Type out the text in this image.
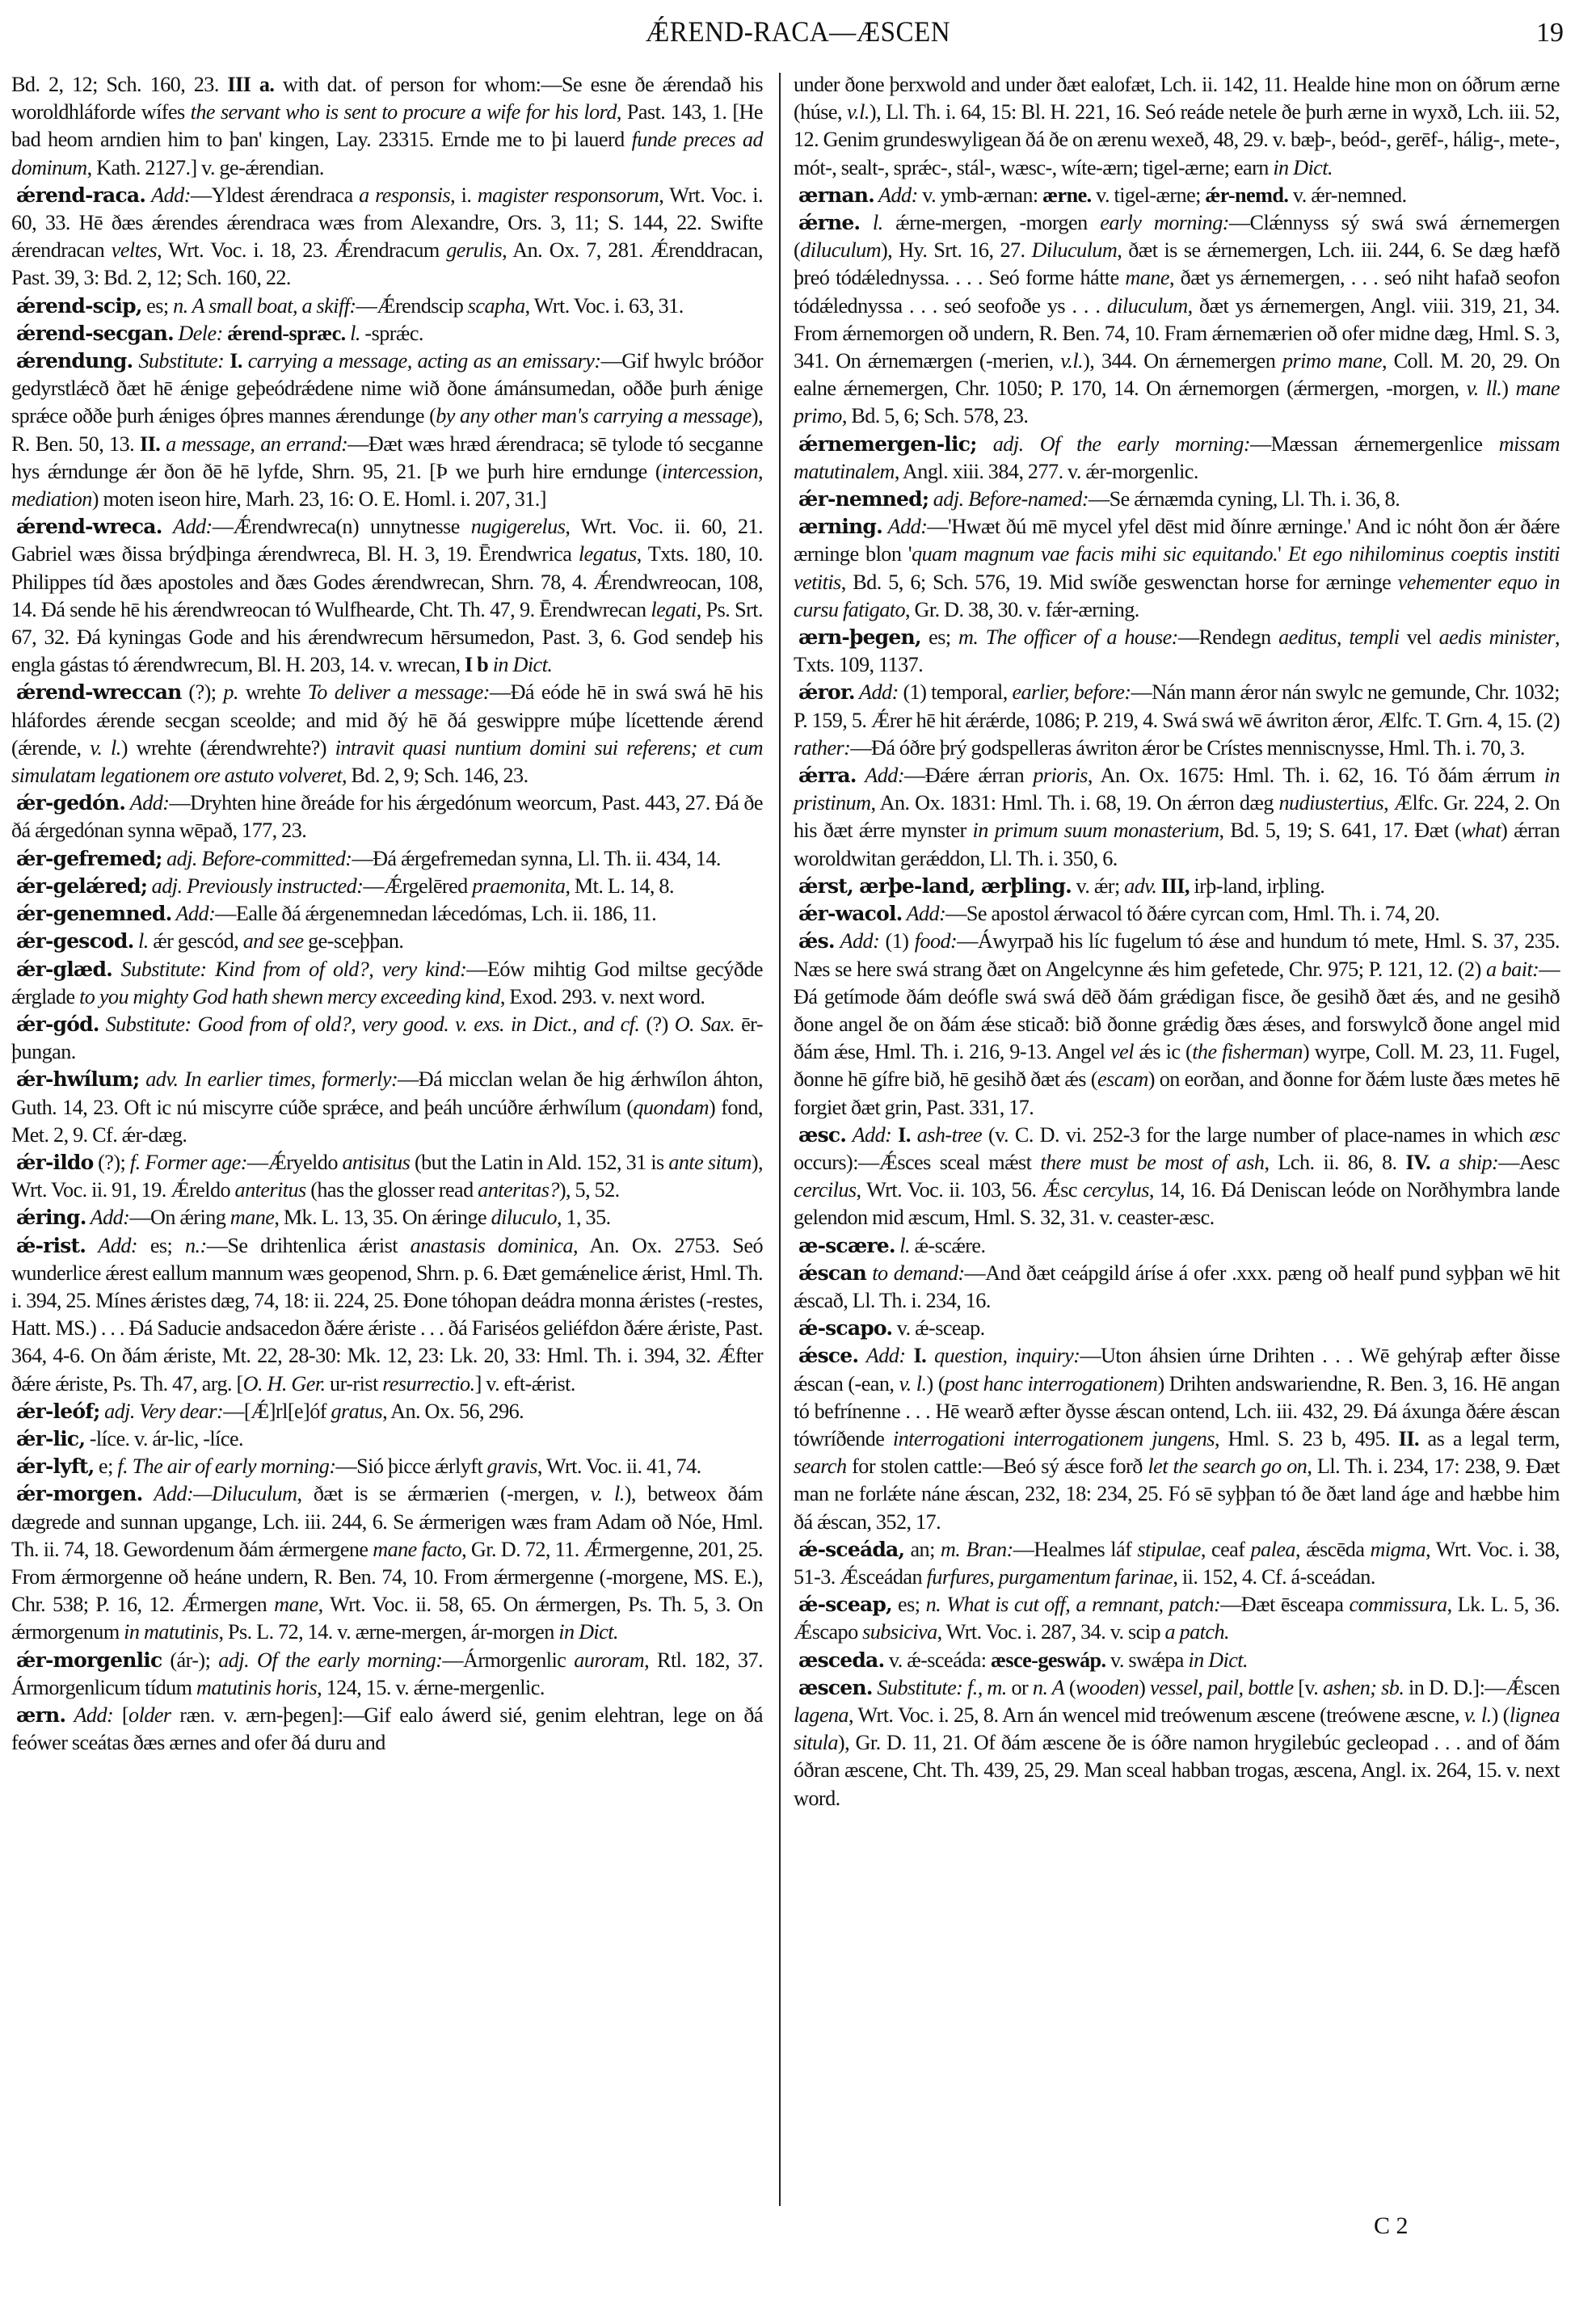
ǼREND-RACA—ÆSCEN	19

Bd. 2, 12; Sch. 160, 23. III a. with dat. of person for whom:—Se esne ðe ǽrendað his woroldhláforde wífes the servant who is sent to procure a wife for his lord, Past. 143, 1. [He bad heom arndien him to þan' kingen, Lay. 23315. Ernde me to þi lauerd funde preces ad dominum, Kath. 2127.] v. ge-ǽrendian.

ǽrend-raca. Add:—Yldest ǽrendraca a responsis, i. magister responsorum, Wrt. Voc. i. 60, 33. Hē ðæs ǽrendes ǽrendraca wæs from Alexandre, Ors. 3, 11; S. 144, 22. Swifte ǽrendracan veltes, Wrt. Voc. i. 18, 23. Ǽrendracum gerulis, An. Ox. 7, 281. Ǽrenddracan, Past. 39, 3: Bd. 2, 12; Sch. 160, 22.

ǽrend-scip, es; n. A small boat, a skiff:—Ǽrendscip scapha, Wrt. Voc. i. 63, 31.

ǽrend-secgan. Dele: ǽrend-spræc. l. -sprǽc.

ǽrendung. Substitute: I. carrying a message, acting as an emissary:—Gif hwylc bróðor gedyrstlǽcð ðæt hē ǽnige geþeódrǽdene nime wið ðone ámánsumedan, oððe þurh ǽnige sprǽce oððe þurh ǽniges óþres mannes ǽrendunge (by any other man's carrying a message), R. Ben. 50, 13. II. a message, an errand:—Ðæt wæs hræd ǽrendraca; sē tylode tó secganne hys ǽrndunge ǽr ðon ðē hē lyfde, Shrn. 95, 21. [Þ we þurh hire erndunge (intercession, mediation) moten iseon hire, Marh. 23, 16: O. E. Homl. i. 207, 31.]

ǽrend-wreca. Add:—Ǽrendwreca(n) unnytnesse nugigerelus, Wrt. Voc. ii. 60, 21. Gabriel wæs ðissa brýdþinga ǽrendwreca, Bl. H. 3, 19. Ērendwrica legatus, Txts. 180, 10. Philippes tíd ðæs apostoles and ðæs Godes ǽrendwrecan, Shrn. 78, 4. Ǽrendwreocan, 108, 14. Ðá sende hē his ǽrendwreocan tó Wulfhearde, Cht. Th. 47, 9. Ērendwrecan legati, Ps. Srt. 67, 32. Ðá kyningas Gode and his ǽrendwrecum hērsumedon, Past. 3, 6. God sendeþ his engla gástas tó ǽrendwrecum, Bl. H. 203, 14. v. wrecan, I b in Dict.

ǽrend-wreccan (?); p. wrehte To deliver a message:—Ðá eóde hē in swá swá hē his hláfordes ǽrende secgan sceolde; and mid ðý hē ðá geswippre múþe lícettende ǽrend (ǽrende, v. l.) wrehte (ǽrendwrehte?) intravit quasi nuntium domini sui referens; et cum simulatam legationem ore astuto volveret, Bd. 2, 9; Sch. 146, 23.

ǽr-gedón. Add:—Dryhten hine ðreáde for his ǽrgedónum weorcum, Past. 443, 27. Ðá ðe ðá ǽrgedónan synna wēpað, 177, 23.

ǽr-gefremed; adj. Before-committed:—Ðá ǽrgefremedan synna, Ll. Th. ii. 434, 14.

ǽr-gelǽred; adj. Previously instructed:—Ǽrgelēred praemonita, Mt. L. 14, 8.

ǽr-genemned. Add:—Ealle ðá ǽrgenemnedan lǽcedómas, Lch. ii. 186, 11.

ǽr-gescod. l. ǽr gescód, and see ge-sceþþan.

ǽr-glæd. Substitute: Kind from of old?, very kind:—Eów mihtig God miltse gecýðde ǽrglade to you mighty God hath shewn mercy exceeding kind, Exod. 293. v. next word.

ǽr-gód. Substitute: Good from of old?, very good. v. exs. in Dict., and cf. (?) O. Sax. ēr-þungan.

ǽr-hwílum; adv. In earlier times, formerly:—Ðá micclan welan ðe hig ǽrhwílon áhton, Guth. 14, 23. Oft ic nú miscyrre cúðe sprǽce, and þeáh uncúðre ǽrhwílum (quondam) fond, Met. 2, 9. Cf. ǽr-dæg.

ǽr-ildo (?); f. Former age:—Ǽryeldo antisitus (but the Latin in Ald. 152, 31 is ante situm), Wrt. Voc. ii. 91, 19. Ǽreldo anteritus (has the glosser read anteritas?), 5, 52.

ǽring. Add:—On ǽring mane, Mk. L. 13, 35. On ǽringe diluculo, 1, 35.

ǽ-rist. Add: es; n.:—Se drihtenlica ǽrist anastasis dominica, An. Ox. 2753. Seó wunderlice ǽrest eallum mannum wæs geopenod, Shrn. p. 6. Ðæt gemǽnelice ǽrist, Hml. Th. i. 394, 25. Mínes ǽristes dæg, 74, 18: ii. 224, 25. Ðone tóhopan deádra monna ǽristes (-restes, Hatt. MS.) . . . Ðá Saducie andsacedon ðǽre ǽriste . . . ðá Fariséos geliéfdon ðǽre ǽriste, Past. 364, 4-6. On ðám ǽriste, Mt. 22, 28-30: Mk. 12, 23: Lk. 20, 33: Hml. Th. i. 394, 32. Ǽfter ðǽre ǽriste, Ps. Th. 47, arg. [O. H. Ger. ur-rist resurrectio.] v. eft-ǽrist.

ǽr-leóf; adj. Very dear:—[Ǽ]rl[e]óf gratus, An. Ox. 56, 296.

ǽr-lic, -líce. v. ár-lic, -líce.

ǽr-lyft, e; f. The air of early morning:—Sió þicce ǽrlyft gravis, Wrt. Voc. ii. 41, 74.

ǽr-morgen. Add:—Diluculum, ðæt is se ǽrmærien (-mergen, v. l.), betweox ðám dægrede and sunnan upgange, Lch. iii. 244, 6. Se ǽrmerigen wæs fram Adam oð Nóe, Hml. Th. ii. 74, 18. Gewordenum ðám ǽrmergene mane facto, Gr. D. 72, 11. Ǽrmergenne, 201, 25. From ǽrmorgenne oð heáne undern, R. Ben. 74, 10. From ǽrmergenne (-morgene, MS. E.), Chr. 538; P. 16, 12. Ǽrmergen mane, Wrt. Voc. ii. 58, 65. On ǽrmergen, Ps. Th. 5, 3. On ǽrmorgenum in matutinis, Ps. L. 72, 14. v. ærne-mergen, ár-morgen in Dict.

ǽr-morgenlic (ár-); adj. Of the early morning:—Ármorgenlic auroram, Rtl. 182, 37. Ármorgenlicum tídum matutinis horis, 124, 15. v. ǽrne-mergenlic.

ærn. Add: [older ræn. v. ærn-þegen]:—Gif ealo áwerd sié, genim elehtran, lege on ðá feówer sceátas ðæs ærnes and ofer ðá duru and

under ðone þerxwold and under ðæt ealofæt, Lch. ii. 142, 11. Healde hine mon on óðrum ærne (húse, v.l.), Ll. Th. i. 64, 15: Bl. H. 221, 16. Seó reáde netele ðe þurh ærne in wyxð, Lch. iii. 52, 12. Genim grundeswyligean ðá ðe on ærenu wexeð, 48, 29. v. bæþ-, beód-, gerēf-, hálig-, mete-, mót-, sealt-, sprǽc-, stál-, wæsc-, wíte-ærn; tigel-ærne; earn in Dict.

ærnan. Add: v. ymb-ærnan: ærne. v. tigel-ærne; ǽr-nemd. v. ǽr-nemned.

ǽrne. l. ǽrne-mergen, -morgen early morning:—Clǽnnyss sý swá swá ǽrnemergen (diluculum), Hy. Srt. 16, 27. Diluculum, ðæt is se ǽrnemergen, Lch. iii. 244, 6. Se dæg hæfð þreó tódǽlednyssa. . . . Seó forme hátte mane, ðæt ys ǽrnemergen, . . . seó niht hafað seofon tódǽlednyssa . . . seó seofoðe ys . . . diluculum, ðæt ys ǽrnemergen, Angl. viii. 319, 21, 34. From ǽrnemorgen oð undern, R. Ben. 74, 10. Fram ǽrnemærien oð ofer midne dæg, Hml. S. 3, 341. On ǽrnemærgen (-merien, v.l.), 344. On ǽrnemergen primo mane, Coll. M. 20, 29. On ealne ǽrnemergen, Chr. 1050; P. 170, 14. On ǽrnemorgen (ǽrmergen, -morgen, v. ll.) mane primo, Bd. 5, 6; Sch. 578, 23.

ǽrnemergen-lic; adj. Of the early morning:—Mæssan ǽrnemergenlice missam matutinalem, Angl. xiii. 384, 277. v. ǽr-morgenlic.

ǽr-nemned; adj. Before-named:—Se ǽrnæmda cyning, Ll. Th. i. 36, 8.

ærning. Add:—'Hwæt ðú mē mycel yfel dēst mid ðínre ærninge.' And ic nóht ðon ǽr ðǽre ærninge blon 'quam magnum vae facis mihi sic equitando.' Et ego nihilominus coeptis institi vetitis, Bd. 5, 6; Sch. 576, 19. Mid swíðe geswenctan horse for ærninge vehementer equo in cursu fatigato, Gr. D. 38, 30. v. fǽr-ærning.

ærn-þegen, es; m. The officer of a house:—Rendegn aeditus, templi vel aedis minister, Txts. 109, 1137.

ǽror. Add: (1) temporal, earlier, before:—Nán mann ǽror nán swylc ne gemunde, Chr. 1032; P. 159, 5. Ǽrer hē hit ǽrǽrde, 1086; P. 219, 4. Swá swá wē áwriton ǽror, Ælfc. T. Grn. 4, 15. (2) rather:—Ðá óðre þrý godspelleras áwriton ǽror be Crístes menniscnysse, Hml. Th. i. 70, 3.

ǽrra. Add:—Ðǽre ǽrran prioris, An. Ox. 1675: Hml. Th. i. 62, 16. Tó ðám ǽrrum in pristinum, An. Ox. 1831: Hml. Th. i. 68, 19. On ǽrron dæg nudiustertius, Ælfc. Gr. 224, 2. On his ðæt ǽrre mynster in primum suum monasterium, Bd. 5, 19; S. 641, 17. Ðæt (what) ǽrran woroldwitan gerǽddon, Ll. Th. i. 350, 6.

ǽrst, ærþe-land, ærþling. v. ǽr; adv. III, irþ-land, irþling.

ǽr-wacol. Add:—Se apostol ǽrwacol tó ðǽre cyrcan com, Hml. Th. i. 74, 20.

ǽs. Add: (1) food:—Áwyrpað his líc fugelum tó ǽse and hundum tó mete, Hml. S. 37, 235. Næs se here swá strang ðæt on Angelcynne ǽs him gefetede, Chr. 975; P. 121, 12. (2) a bait:—Ðá getímode ðám deófle swá swá dēð ðám grǽdigan fisce, ðe gesihð ðæt ǽs, and ne gesihð ðone angel ðe on ðám ǽse sticað: bið ðonne grǽdig ðæs ǽses, and forswylcð ðone angel mid ðám ǽse, Hml. Th. i. 216, 9-13. Angel vel ǽs ic (the fisherman) wyrpe, Coll. M. 23, 11. Fugel, ðonne hē gífre bið, hē gesihð ðæt ǽs (escam) on eorðan, and ðonne for ðǽm luste ðæs metes hē forgiet ðæt grin, Past. 331, 17.

æsc. Add: I. ash-tree (v. C. D. vi. 252-3 for the large number of place-names in which æsc occurs):—Ǽsces sceal mǽst there must be most of ash, Lch. ii. 86, 8. IV. a ship:—Aesc cercilus, Wrt. Voc. ii. 103, 56. Ǽsc cercylus, 14, 16. Ðá Deniscan leóde on Norðhymbra lande gelendon mid æscum, Hml. S. 32, 31. v. ceaster-æsc.

æ-scære. l. ǽ-scǽre.

ǽscan to demand:—And ðæt ceápgild áríse á ofer .xxx. pæng oð healf pund syþþan wē hit ǽscað, Ll. Th. i. 234, 16.

ǽ-scapo. v. ǽ-sceap.

ǽsce. Add: I. question, inquiry:—Uton áhsien úrne Drihten . . . Wē gehýraþ æfter ðisse ǽscan (-ean, v. l.) (post hanc interrogationem) Drihten andswariendne, R. Ben. 3, 16. Hē angan tó befrínenne . . . Hē wearð æfter ðysse ǽscan ontend, Lch. iii. 432, 29. Ðá áxunga ðǽre ǽscan tówríðende interrogationi interrogationem jungens, Hml. S. 23 b, 495. II. as a legal term, search for stolen cattle:—Beó sý ǽsce forð let the search go on, Ll. Th. i. 234, 17: 238, 9. Ðæt man ne forlǽte náne ǽscan, 232, 18: 234, 25. Fó sē syþþan tó ðe ðæt land áge and hæbbe him ðá ǽscan, 352, 17.

ǽ-sceáda, an; m. Bran:—Healmes láf stipulae, ceaf palea, ǽscēda migma, Wrt. Voc. i. 38, 51-3. Ǽsceádan furfures, purgamentum farinae, ii. 152, 4. Cf. á-sceádan.

ǽ-sceap, es; n. What is cut off, a remnant, patch:—Ðæt ēsceapa commissura, Lk. L. 5, 36. Ǽscapo subsiciva, Wrt. Voc. i. 287, 34. v. scip a patch.

æsceda. v. ǽ-sceáda: æsce-geswáp. v. swǽpa in Dict.

æscen. Substitute: f., m. or n. A (wooden) vessel, pail, bottle [v. ashen; sb. in D. D.]:—Ǽscen lagena, Wrt. Voc. i. 25, 8. Arn án wencel mid treówenum æscene (treówene æscne, v. l.) (lignea situla), Gr. D. 11, 21. Of ðám æscene ðe is óðre namon hrygilebúc gecleopad . . . and of ðám óðran æscene, Cht. Th. 439, 25, 29. Man sceal habban trogas, æscena, Angl. ix. 264, 15. v. next word.

C 2
